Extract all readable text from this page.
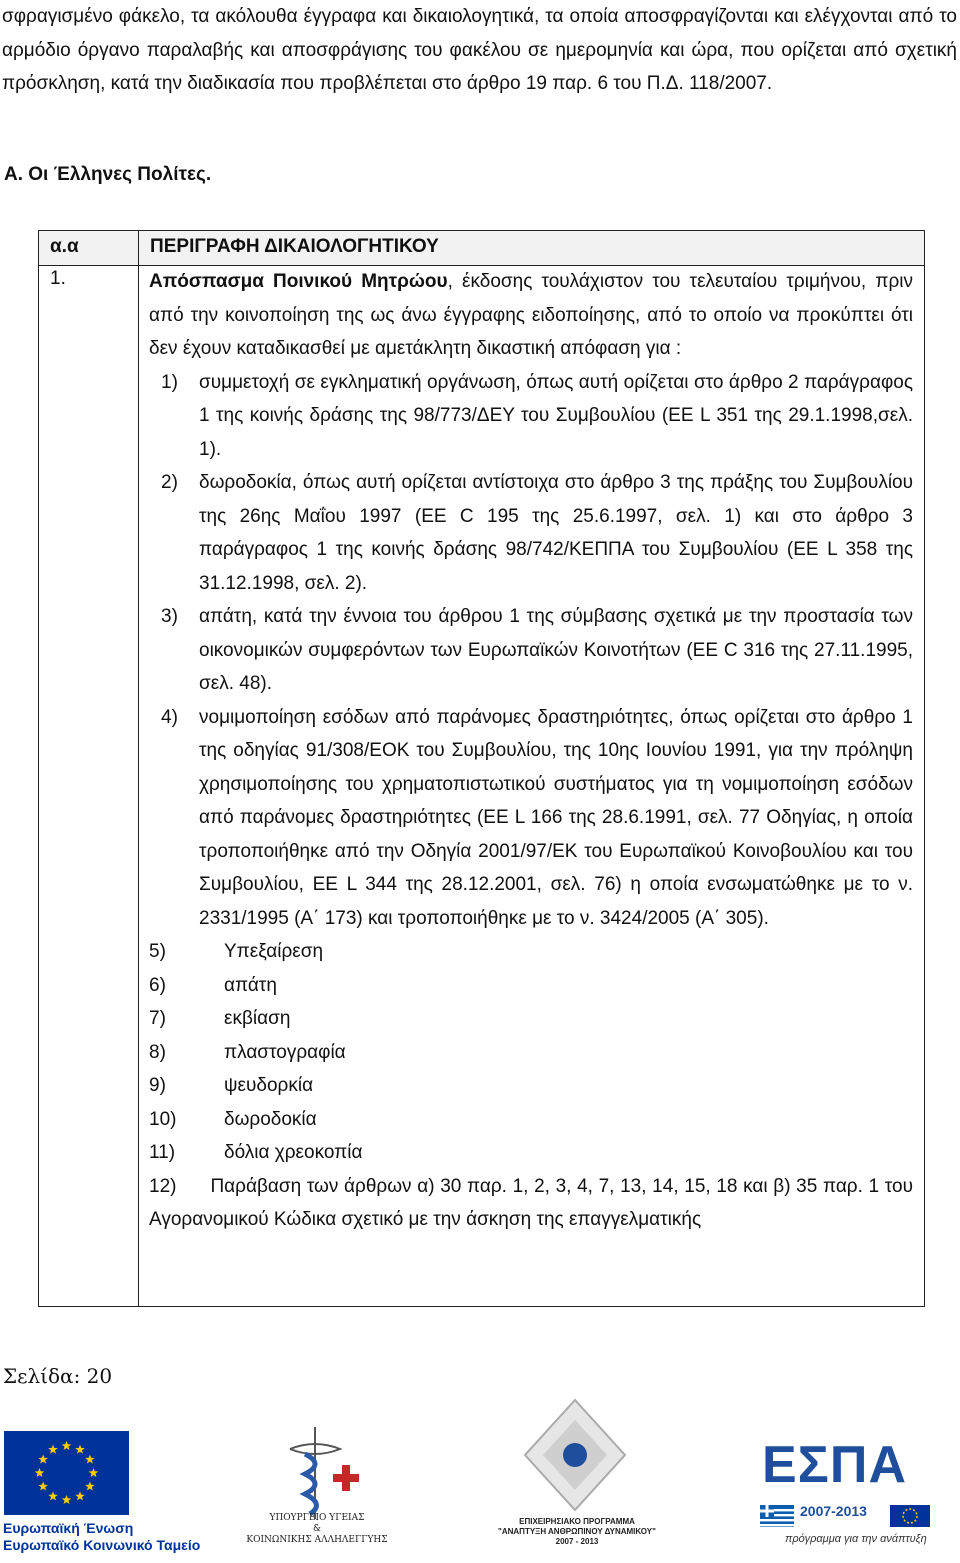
σφραγισμένο φάκελο, τα ακόλουθα έγγραφα και δικαιολογητικά, τα οποία αποσφραγίζονται και ελέγχονται από το αρμόδιο όργανο παραλαβής και αποσφράγισης του φακέλου σε ημερομηνία και ώρα, που ορίζεται από σχετική πρόσκληση, κατά την διαδικασία που προβλέπεται στο άρθρο 19 παρ. 6 του Π.Δ. 118/2007.

Α. Οι Έλληνες Πολίτες.
α.α	ΠΕΡΙΓΡΑΦΗ ΔΙΚΑΙΟΛΟΓΗΤΙΚΟΥ
1.	Απόσπασμα Ποινικού Μητρώου, έκδοσης τουλάχιστον του τελευταίου τριμήνου, πριν από την κοινοποίηση της ως άνω έγγραφης ειδοποίησης, από το οποίο να προκύπτει ότι δεν έχουν καταδικασθεί με αμετάκλητη δικαστική απόφαση για :

1) συμμετοχή σε εγκληματική οργάνωση, όπως αυτή ορίζεται στο άρθρο 2 παράγραφος 1 της κοινής δράσης της 98/773/ΔΕΥ του Συμβουλίου (ΕΕ L 351 της 29.1.1998,σελ. 1).
2) δωροδοκία, όπως αυτή ορίζεται αντίστοιχα στο άρθρο 3 της πράξης του Συμβουλίου της 26ης Μαΐου 1997 (ΕΕ C 195 της 25.6.1997, σελ. 1) και στο άρθρο 3 παράγραφος 1 της κοινής δράσης 98/742/ΚΕΠΠΑ του Συμβουλίου (ΕΕ L 358 της 31.12.1998, σελ. 2).
3) απάτη, κατά την έννοια του άρθρου 1 της σύμβασης σχετικά με την προστασία των οικονομικών συμφερόντων των Ευρωπαϊκών Κοινοτήτων (ΕΕ C 316 της 27.11.1995, σελ. 48).
4) νομιμοποίηση εσόδων από παράνομες δραστηριότητες, όπως ορίζεται στο άρθρο 1 της οδηγίας 91/308/ΕΟΚ του Συμβουλίου, της 10ης Ιουνίου 1991, για την πρόληψη χρησιμοποίησης του χρηματοπιστωτικού συστήματος για τη νομιμοποίηση εσόδων από παράνομες δραστηριότητες (ΕΕ L 166 της 28.6.1991, σελ. 77 Οδηγίας, η οποία τροποποιήθηκε από την Οδηγία 2001/97/ΕΚ του Ευρωπαϊκού Κοινοβουλίου και του Συμβουλίου, ΕΕ L 344 της 28.12.2001, σελ. 76) η οποία ενσωματώθηκε με το ν. 2331/1995 (Α΄ 173) και τροποποιήθηκε με το ν. 3424/2005 (Α΄ 305).
5)	Υπεξαίρεση
6)	απάτη
7)	εκβίαση
8)	πλαστογραφία
9)	ψευδορκία
10)	δωροδοκία
11)	δόλια χρεοκοπία
12) Παράβαση των άρθρων α) 30 παρ. 1, 2, 3, 4, 7, 13, 14, 15, 18 και β) 35 παρ. 1 του Αγορανομικού Κώδικα σχετικό με την άσκηση της επαγγελματικής
Σελίδα: 20
Ευρωπαϊκή Ένωση
Ευρωπαϊκό Κοινωνικό Ταμείο
ΥΠΟΥΡΓΕΙΟ ΥΓΕΙΑΣ
&
ΚΟΙΝΩΝΙΚΗΣ ΑΛΛΗΛΕΓΓΥΗΣ
ΕΠΙΧΕΙΡΗΣΙΑΚΟ ΠΡΟΓΡΑΜΜΑ
"ΑΝΑΠΤΥΞΗ ΑΝΘΡΩΠΙΝΟΥ ΔΥΝΑΜΙΚΟΥ"
2007 - 2013
ΕΣΠΑ
2007-2013
πρόγραμμα για την ανάπτυξη
